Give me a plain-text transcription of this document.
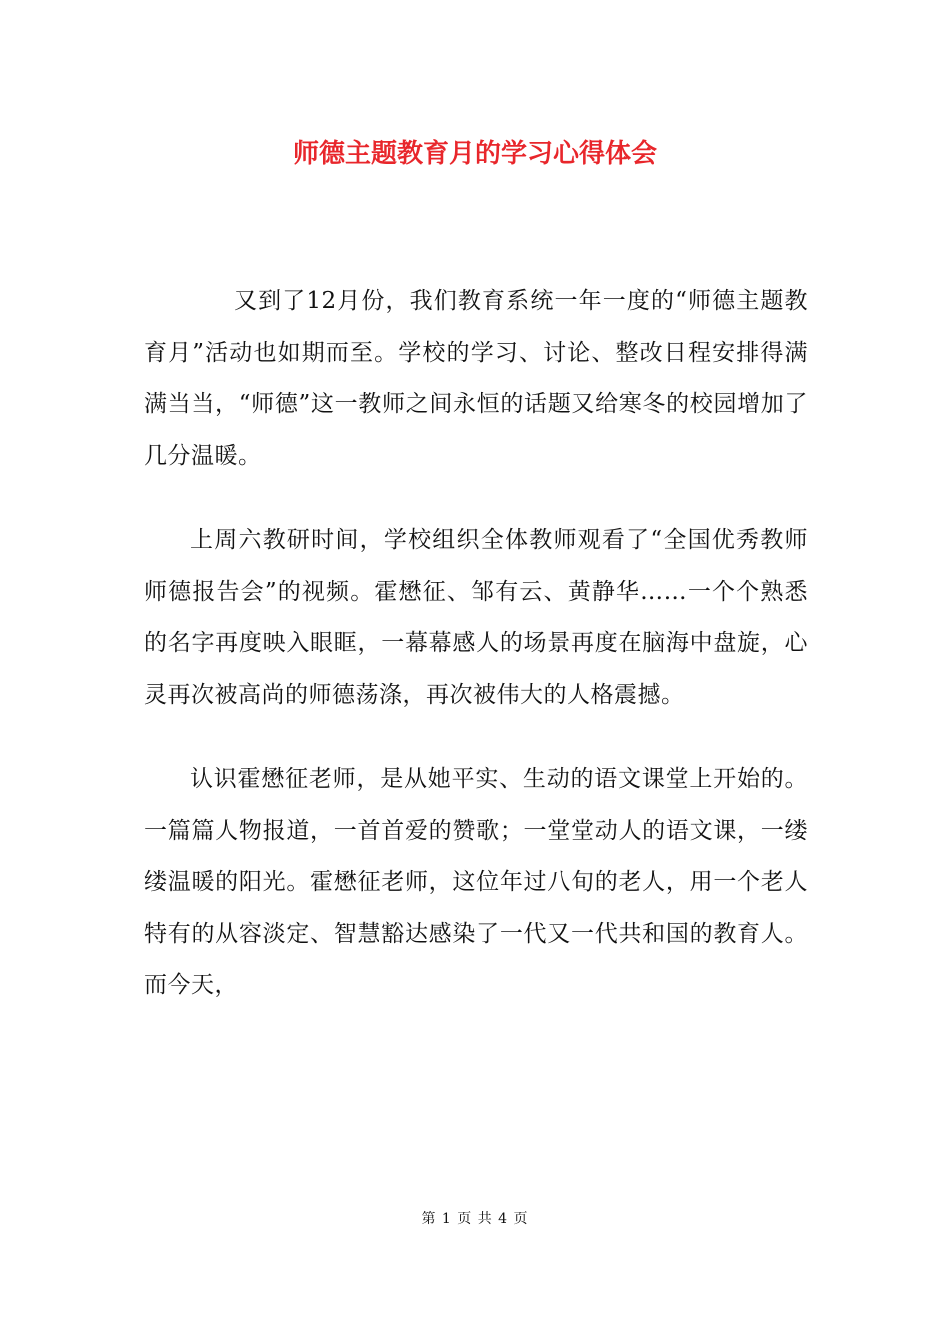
师德主题教育月的学习心得体会

又到了12月份，我们教育系统一年一度的“师德主题教育月”活动也如期而至。学校的学习、讨论、整改日程安排得满满当当，“师德”这一教师之间永恒的话题又给寒冬的校园增加了几分温暖。

上周六教研时间，学校组织全体教师观看了“全国优秀教师师德报告会”的视频。霍懋征、邹有云、黄静华……一个个熟悉的名字再度映入眼眶，一幕幕感人的场景再度在脑海中盘旋，心灵再次被高尚的师德荡涤，再次被伟大的人格震撼。

认识霍懋征老师，是从她平实、生动的语文课堂上开始的。一篇篇人物报道，一首首爱的赞歌；一堂堂动人的语文课，一缕缕温暖的阳光。霍懋征老师，这位年过八旬的老人，用一个老人特有的从容淡定、智慧豁达感染了一代又一代共和国的教育人。而今天，

第 1 页 共 4 页
